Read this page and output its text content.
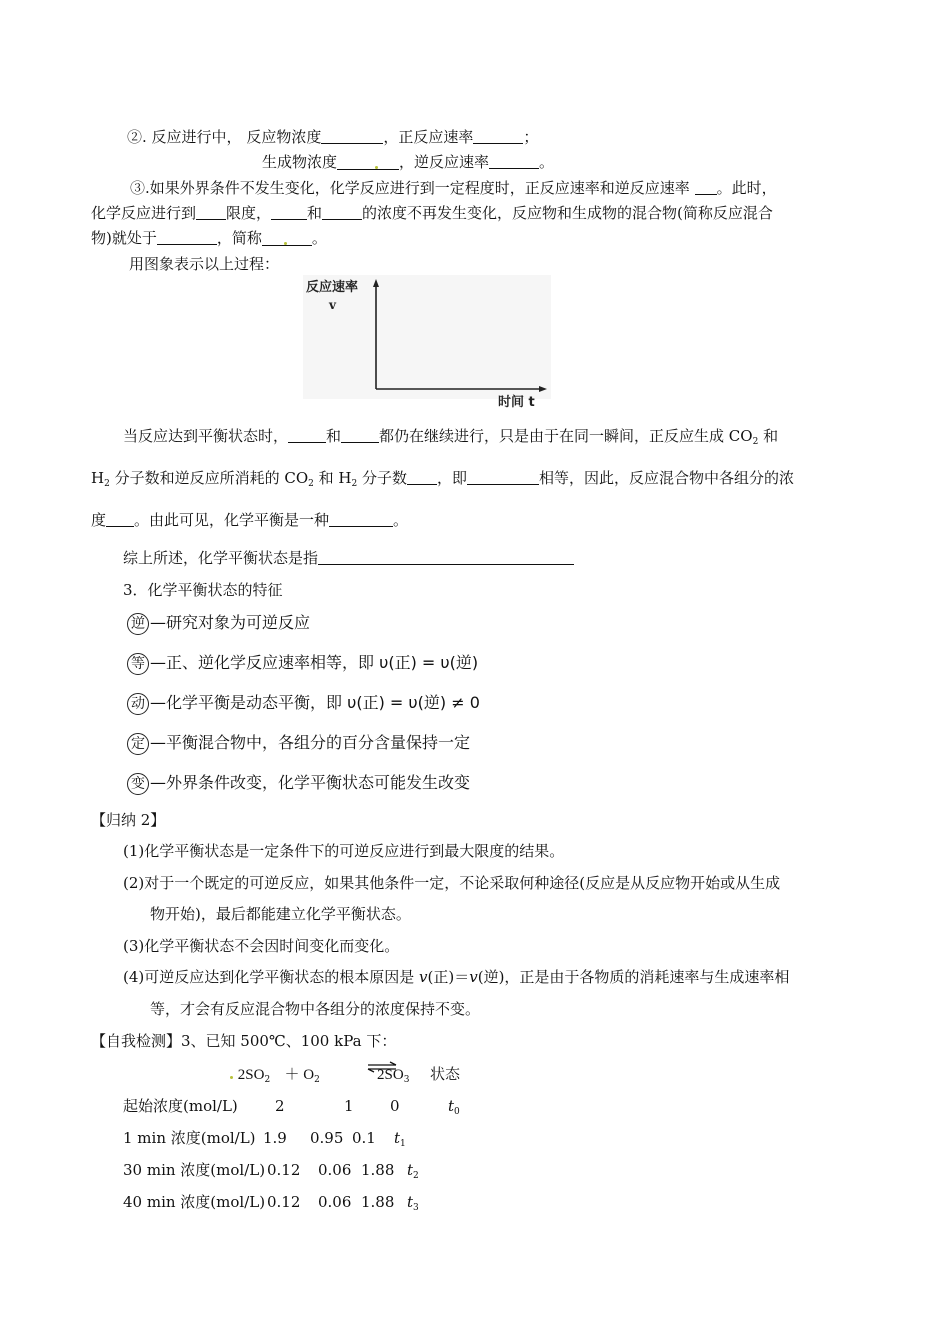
②. 反应进行中， 反应物浓度	，正反应速率	；
生成物浓度	，逆反应速率	。
③.如果外界条件不发生变化，化学反应进行到一定程度时，正反应速率和逆反应速率 。此时，
化学反应进行到 限度， 和	的浓度不再发生变化，反应物和生成物的混合物(简称反应混合
物)就处于	，简称	。
用图象表示以上过程：
反应速率
v
时间 t
当反应达到平衡状态时，	和	都仍在继续进行，只是由于在同一瞬间，正反应生成 $CO_2$ 和
$H_2$ 分子数和逆反应所消耗的 $CO_2$ 和 $H_2$ 分子数 ，即	相等，因此，反应混合物中各组分的浓
度 。由此可见，化学平衡是一种	。
综上所述，化学平衡状态是指
3．化学平衡状态的特征
逆 —研究对象为可逆反应
等 —正、逆化学反应速率相等，即 υ(正) = υ(逆)
动 —化学平衡是动态平衡，即 υ(正) = υ(逆) ≠ 0
定 —平衡混合物中，各组分的百分含量保持一定
变 —外界条件改变，化学平衡状态可能发生改变
【归纳 2】
(1)化学平衡状态是一定条件下的可逆反应进行到最大限度的结果。
(2)对于一个既定的可逆反应，如果其他条件一定，不论采取何种途径(反应是从反应物开始或从生成
物开始)，最后都能建立化学平衡状态。
(3)化学平衡状态不会因时间变化而变化。
(4)可逆反应达到化学平衡状态的根本原因是 v(正)＝v(逆)，正是由于各物质的消耗速率与生成速率相
等，才会有反应混合物中各组分的浓度保持不变。
【自我检测】3、已知 500℃、100 kPa 下：
$2SO_2 + O_2$	$2SO_3$ 状态
起始浓度(mol/L) 2	1 0	$t_0$
1 min 浓度(mol/L) 1.9 0.95 0.1 $t_1$
30 min 浓度(mol/L) 0.12 0.06 1.88 $t_2$
40 min 浓度(mol/L) 0.12 0.06 1.88 $t_3$
